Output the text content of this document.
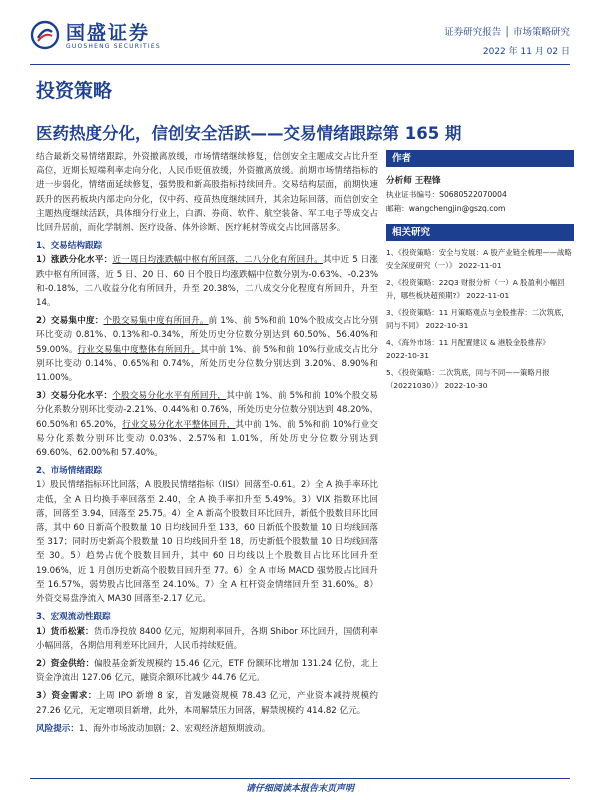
国盛证券
GUOSHENG SECURITIES
证券研究报告 │ 市场策略研究
2022 年 11 月 02 日
投资策略
医药热度分化，信创安全活跃——交易情绪跟踪第 165 期

结合最新交易情绪跟踪，外资撤离放缓，市场情绪继续修复，信创安全主题成交占比升至高位，近期长短端利率走向分化，人民币贬值放缓，外资撤离放缓。前期市场情绪指标的进一步弱化，情绪面延续修复，强势股和新高股指标持续回升。交易结构层面，前期快速跃升的医药板块内部走向分化，仅中药、疫苗热度继续回升，其余边际回落，而信创安全主题热度继续活跃，具体细分行业上，白酒、券商、软件、航空装备、军工电子等成交占比回升居前，而化学制剂、医疗设备、体外诊断、医疗耗材等成交占比回落居多。

1、交易结构跟踪

1）涨跌分化水平：近一周日均涨跌幅中枢有所回落，二八分化有所回升。其中近 5 日涨跌中枢有所回落，近 5 日、20 日、60 日个股日均涨跌幅中位数分别为-0.63%、-0.23%和-0.18%，二八收益分化有所回升，升至 20.38%，二八成交分化程度有所回升，升至 14。

2）交易集中度：个股交易集中度有所回升。前 1%、前 5%和前 10%个股成交占比分别环比变动 0.81%、0.13%和-0.34%，所处历史分位数分别达到 60.50%、56.40%和 59.00%。行业交易集中度整体有所回升。其中前 1%、前 5%和前 10%行业成交占比分别环比变动 0.14%、0.65%和 0.74%，所处历史分位数分别达到 3.20%、8.90%和 11.00%。

3）交易分化水平：个股交易分化水平有所回升，其中前 1%、前 5%和前 10%个股交易分化系数分别环比变动-2.21%、0.44%和 0.76%，所处历史分位数分别达到 48.20%、60.50%和 65.20%，行业交易分化水平整体回升，其中前 1%、前 5%和前 10%行业交易分化系数分别环比变动 0.03%、2.57%和 1.01%，所处历史分位数分别达到 69.60%、62.00%和 57.40%。

2、市场情绪跟踪

1）股民情绪指标环比回落，A 股股民情绪指标（IISI）回落至-0.61。2）全 A 换手率环比走低，全 A 日均换手率回落至 2.40，全 A 换手率扣升至 5.49%。3）VIX 指数环比回落，回落至 3.94，回落至 25.75。4）全 A 新高个股数目环比回升，新低个股数目环比回落，其中 60 日新高个股数量 10 日均线回升至 133，60 日新低个股数量 10 日均线回落至 317；同时历史新高个股数量 10 日均线回升至 18，历史新低个股数量 10 日均线回落至 30。5）趋势占优个股数目回升，其中 60 日均线以上个股数目占比环比回升至 19.06%，近 1 月创历史新高个股数目回升至 77。6）全 A 市场 MACD 强势股占比回升至 16.57%，弱势股占比回落至 24.10%。7）全 A 杠杆资金情绪回升至 31.60%。8）外资交易盘净流入 MA30 回落至-2.17 亿元。

3、宏观流动性跟踪

1）货币松紧：货币净投放 8400 亿元，短期利率回升，各期 Shibor 环比回升，国债利率小幅回落，各期信用利差环比回升，人民币持续贬值。

2）资金供给：偏股基金新发规模约 15.46 亿元，ETF 份额环比增加 131.24 亿份，北上资金净流出 127.06 亿元，融资余额环比减少 44.76 亿元。

3）资金需求：上周 IPO 新增 8 家，首发融资规模 78.43 亿元，产业资本减持规模约 27.26 亿元，无定增项目新增，此外，本周解禁压力回落，解禁规模约 414.82 亿元。

风险提示：1、海外市场波动加剧；2、宏观经济超预期波动。

作者
分析师 王程锋
执业证书编号：S0680522070004
邮箱：wangchengjin@gszq.com
相关研究
1、《投资策略：安全与发展：A 股产业链全梳理——战略安全深度研究（一）》 2022-11-01
2、《投资策略：22Q3 财报分析（一）A 股盈利小幅回升，哪些板块超预期?》 2022-11-01
3、《投资策略：11 月策略观点与金股推荐：二次筑底，同与不同》 2022-10-31
4、《海外市场：11 月配置建议 & 港股金股推荐》 2022-10-31
5、《投资策略：二次筑底，同与不同——策略月报（20221030）》 2022-10-30
请仔细阅读本报告末页声明
